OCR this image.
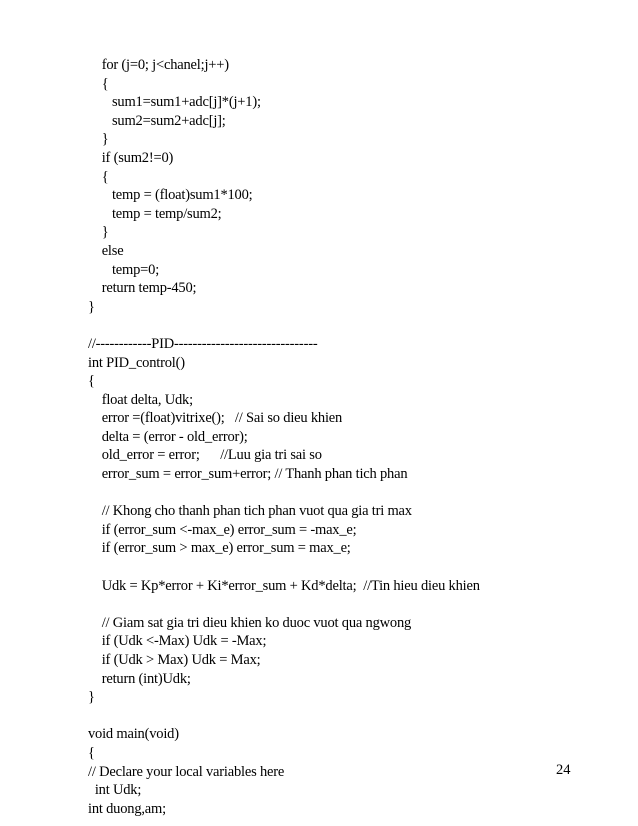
for (j=0; j<chanel;j++)
{
sum1=sum1+adc[j]*(j+1);
sum2=sum2+adc[j];
}
if (sum2!=0)
{
temp = (float)sum1*100;
temp = temp/sum2;
}
else
temp=0;
return temp-450;
}
//------------PID-------------------------------
int PID_control()
{
float delta, Udk;
error =(float)vitrixe();   // Sai so dieu khien
delta = (error - old_error);
old_error = error;      //Luu gia tri sai so
error_sum = error_sum+error; // Thanh phan tich phan
// Khong cho thanh phan tich phan vuot qua gia tri max
if (error_sum <-max_e) error_sum = -max_e;
if (error_sum > max_e) error_sum = max_e;
Udk = Kp*error + Ki*error_sum + Kd*delta;  //Tin hieu dieu khien
// Giam sat gia tri dieu khien ko duoc vuot qua ngwong
if (Udk <-Max) Udk = -Max;
if (Udk > Max) Udk = Max;
return (int)Udk;
}
void main(void)
{
// Declare your local variables here
int Udk;
int duong,am;
24
